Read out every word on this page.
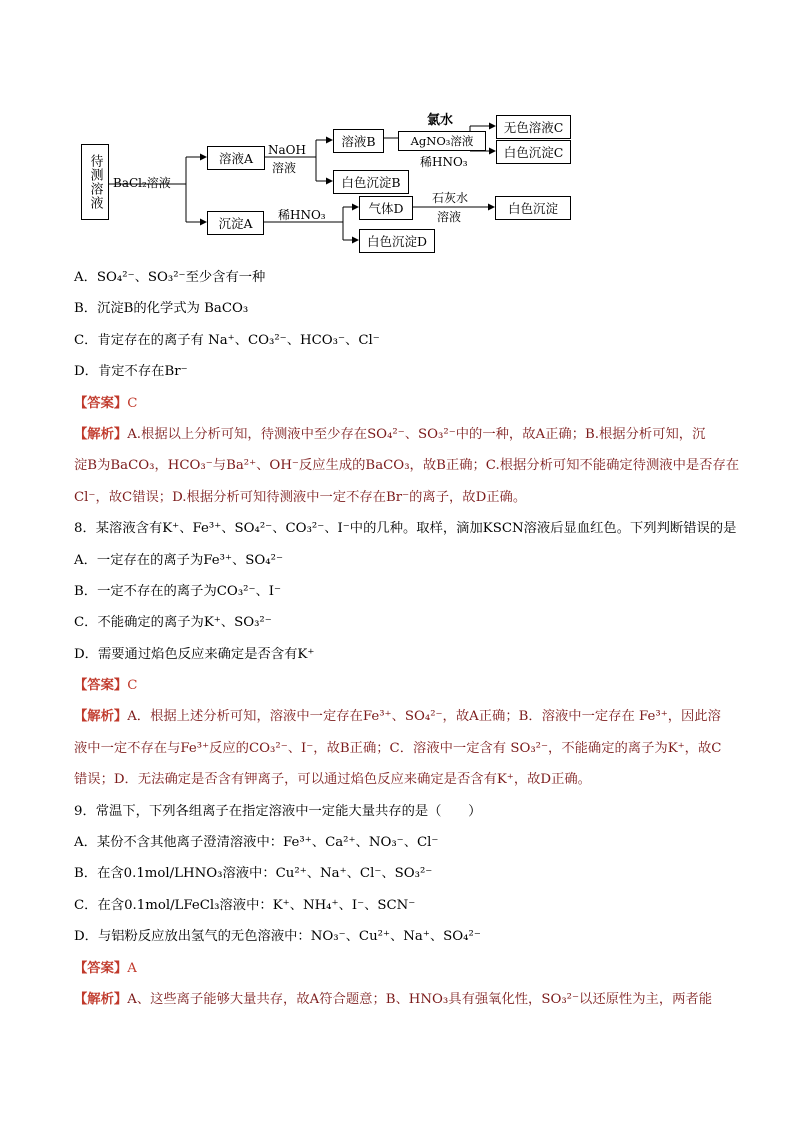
待测溶液 BaCl₂溶液
溶液A
NaOH
溶液
溶液B
白色沉淀B
氯水
AgNO₃溶液
稀HNO₃
无色溶液C
白色沉淀C
沉淀A
稀HNO₃	气体D
白色沉淀D
石灰水
溶液
白色沉淀
A．SO₄²⁻、SO₃²⁻至少含有一种
B．沉淀B的化学式为 BaCO₃
C．肯定存在的离子有 Na⁺、CO₃²⁻、HCO₃⁻、Cl⁻
D．肯定不存在Br⁻
【答案】C
【解析】A.根据以上分析可知，待测液中至少存在SO₄²⁻、SO₃²⁻中的一种，故A正确；B.根据分析可知，沉
淀B为BaCO₃，HCO₃⁻与Ba²⁺、OH⁻反应生成的BaCO₃，故B正确；C.根据分析可知不能确定待测液中是否存在
Cl⁻，故C错误；D.根据分析可知待测液中一定不存在Br⁻的离子，故D正确。
8．某溶液含有K⁺、Fe³⁺、SO₄²⁻、CO₃²⁻、I⁻中的几种。取样，滴加KSCN溶液后显血红色。下列判断错误的是
A．一定存在的离子为Fe³⁺、SO₄²⁻
B．一定不存在的离子为CO₃²⁻、I⁻
C．不能确定的离子为K⁺、SO₃²⁻
D．需要通过焰色反应来确定是否含有K⁺
【答案】C
【解析】A．根据上述分析可知，溶液中一定存在Fe³⁺、SO₄²⁻，故A正确；B．溶液中一定存在 Fe³⁺，因此溶
液中一定不存在与Fe³⁺反应的CO₃²⁻、I⁻，故B正确；C．溶液中一定含有 SO₃²⁻，不能确定的离子为K⁺，故C
错误；D．无法确定是否含有钾离子，可以通过焰色反应来确定是否含有K⁺，故D正确。
9．常温下，下列各组离子在指定溶液中一定能大量共存的是（　　）
A．某份不含其他离子澄清溶液中：Fe³⁺、Ca²⁺、NO₃⁻、Cl⁻
B．在含0.1mol/LHNO₃溶液中：Cu²⁺、Na⁺、Cl⁻、SO₃²⁻
C．在含0.1mol/LFeCl₃溶液中：K⁺、NH₄⁺、I⁻、SCN⁻
D．与铝粉反应放出氢气的无色溶液中：NO₃⁻、Cu²⁺、Na⁺、SO₄²⁻
【答案】A
【解析】A、这些离子能够大量共存，故A符合题意；B、HNO₃具有强氧化性，SO₃²⁻以还原性为主，两者能
